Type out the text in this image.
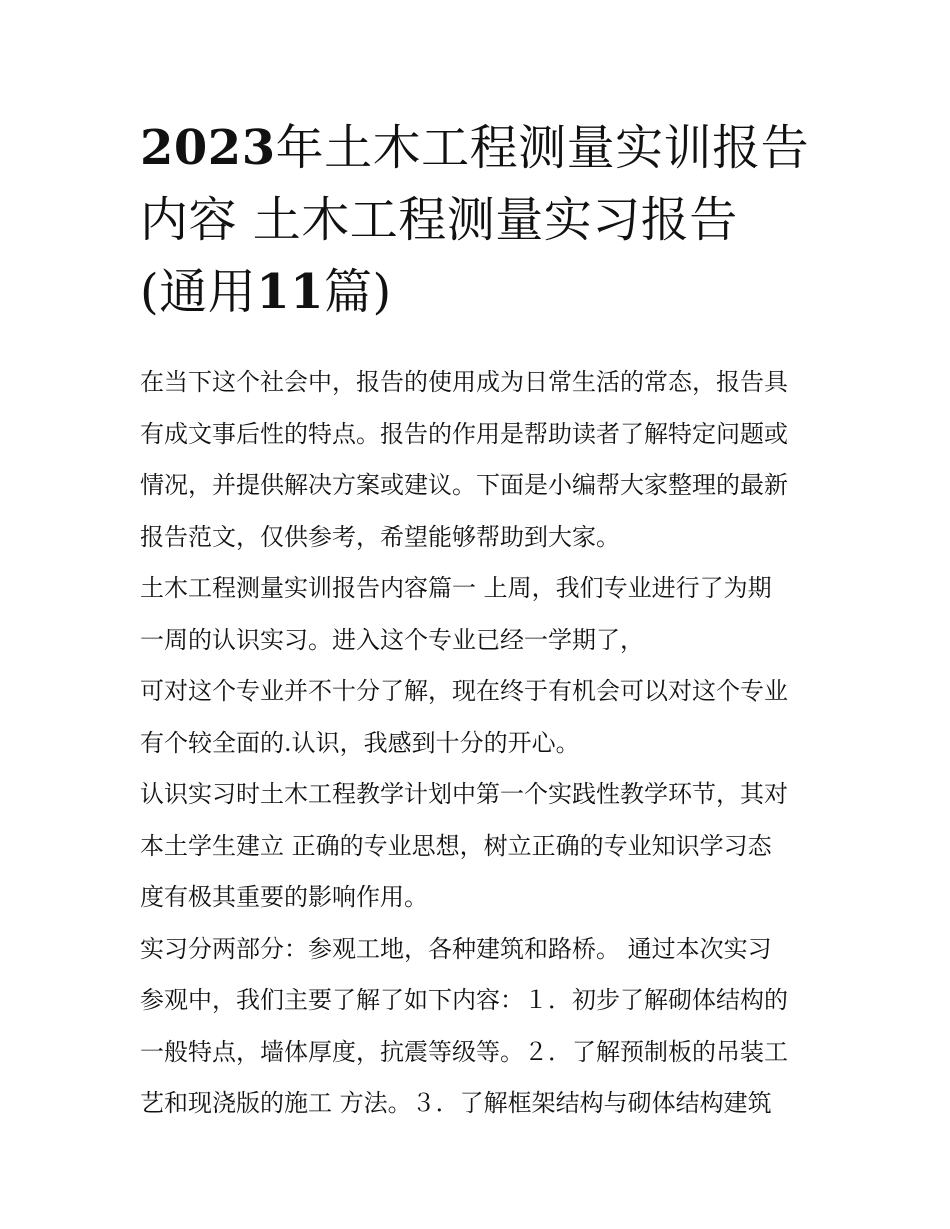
2023年土木工程测量实训报告
内容 土木工程测量实习报告
(通用11篇)

在当下这个社会中，报告的使用成为日常生活的常态，报告具
有成文事后性的特点。报告的作用是帮助读者了解特定问题或
情况，并提供解决方案或建议。下面是小编帮大家整理的最新
报告范文，仅供参考，希望能够帮助到大家。

土木工程测量实训报告内容篇一 上周，我们专业进行了为期
一周的认识实习。进入这个专业已经一学期了，

可对这个专业并不十分了解，现在终于有机会可以对这个专业
有个较全面的.认识，我感到十分的开心。

认识实习时土木工程教学计划中第一个实践性教学环节，其对
本土学生建立 正确的专业思想，树立正确的专业知识学习态
度有极其重要的影响作用。

实习分两部分：参观工地，各种建筑和路桥。 通过本次实习
参观中，我们主要了解了如下内容：１．初步了解砌体结构的
一般特点，墙体厚度，抗震等级等。２．了解预制板的吊装工
艺和现浇版的施工 方法。３．了解框架结构与砌体结构建筑
